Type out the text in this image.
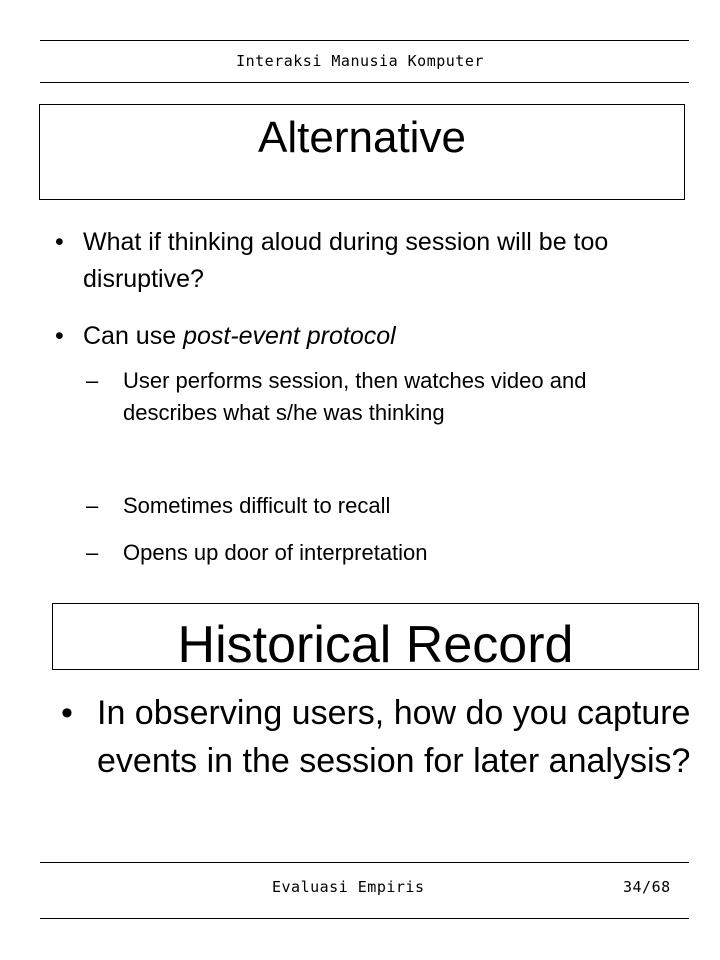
Interaksi Manusia Komputer
Alternative
• What if thinking aloud during session will be too disruptive?
• Can use post-event protocol
– User performs session, then watches video and describes what s/he was thinking
– Sometimes difficult to recall
– Opens up door of interpretation
Historical Record
• In observing users, how do you capture events in the session for later analysis?
Evaluasi Empiris	34/68
